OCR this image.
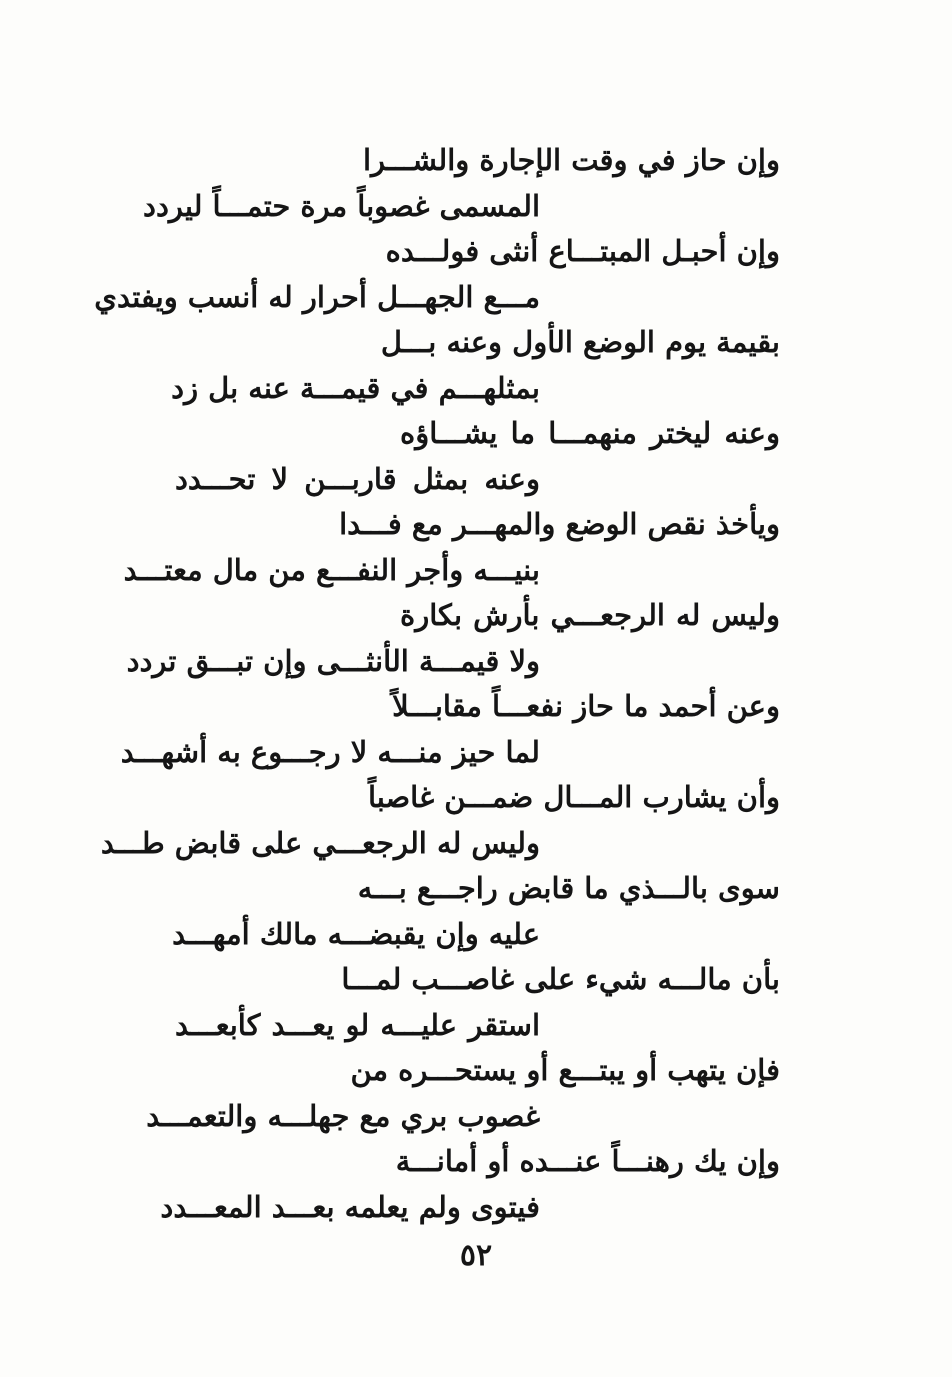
وإن حاز في وقت الإجارة والشـــرا
المسمى غصوباً مرة حتمـــاً ليردد
وإن أحبـل المبتـــاع أنثى فولـــده
مـــع الجهـــل أحرار له أنسب ويفتدي
بقيمة يوم الوضع الأول وعنه بـــل
بمثلهـــم في قيمـــة عنه بل زد
وعنه ليختر منهمـــا ما يشـــاؤه
وعنه بمثل قاربـــن لا تحـــدد
ويأخذ نقص الوضع والمهـــر مع فـــدا
بنيـــه وأجر النفـــع من مال معتـــد
وليس له الرجعـــي بأرش بكارة
ولا قيمـــة الأنثـــى وإن تبـــق تردد
وعن أحمد ما حاز نفعـــاً مقابـــلاً
لما حيز منـــه لا رجـــوع به أشهـــد
وأن يشارب المـــال ضمـــن غاصباً
وليس له الرجعـــي على قابض طـــد
سوى بالـــذي ما قابض راجـــع بـــه
عليه وإن يقبضـــه مالك أمهـــد
بأن مالـــه شيء على غاصـــب لمـــا
استقر عليـــه لو يعـــد كأبعـــد
فإن يتهب أو يبتـــع أو يستحـــره من
غصوب بري مع جهلـــه والتعمـــد
وإن يك رهنـــاً عنـــده أو أمانـــة
فيتوى ولم يعلمه بعـــد المعـــدد
٥٢
